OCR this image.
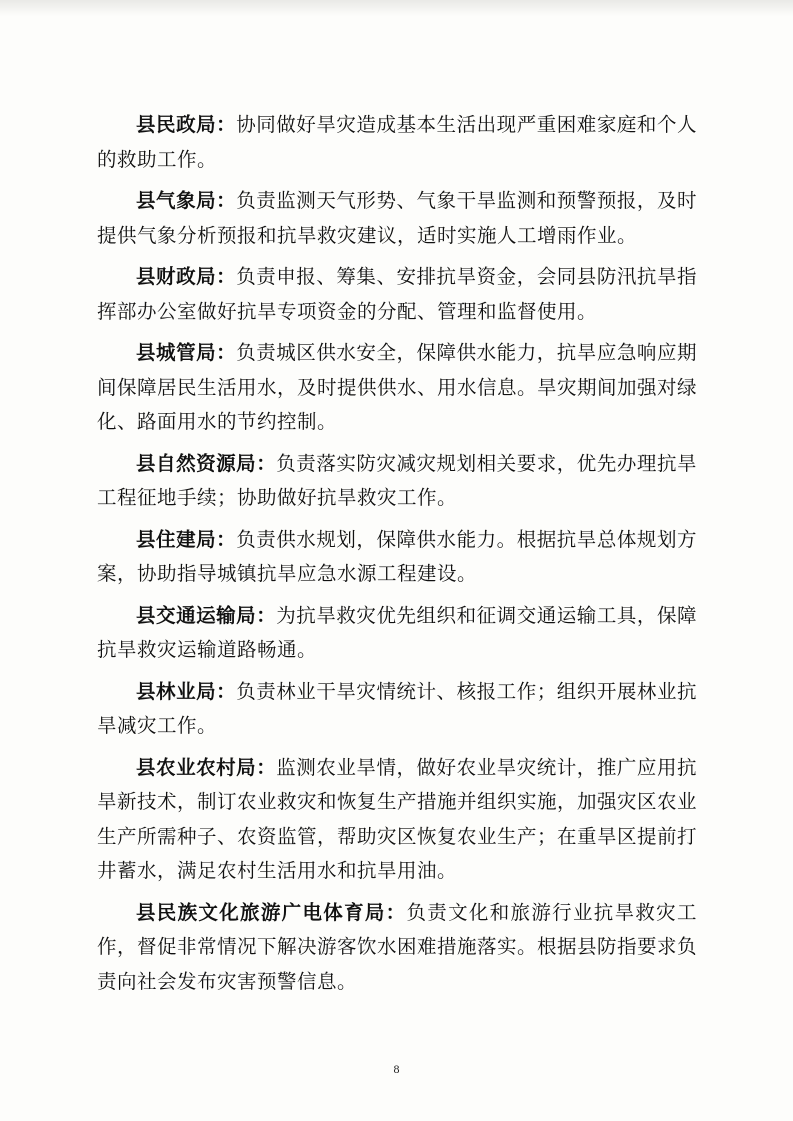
县民政局：协同做好旱灾造成基本生活出现严重困难家庭和个人的救助工作。

县气象局：负责监测天气形势、气象干旱监测和预警预报，及时提供气象分析预报和抗旱救灾建议，适时实施人工增雨作业。

县财政局：负责申报、筹集、安排抗旱资金，会同县防汛抗旱指挥部办公室做好抗旱专项资金的分配、管理和监督使用。

县城管局：负责城区供水安全，保障供水能力，抗旱应急响应期间保障居民生活用水，及时提供供水、用水信息。旱灾期间加强对绿化、路面用水的节约控制。

县自然资源局：负责落实防灾减灾规划相关要求，优先办理抗旱工程征地手续；协助做好抗旱救灾工作。

县住建局：负责供水规划，保障供水能力。根据抗旱总体规划方案，协助指导城镇抗旱应急水源工程建设。

县交通运输局：为抗旱救灾优先组织和征调交通运输工具，保障抗旱救灾运输道路畅通。

县林业局：负责林业干旱灾情统计、核报工作；组织开展林业抗旱减灾工作。

县农业农村局：监测农业旱情，做好农业旱灾统计，推广应用抗旱新技术，制订农业救灾和恢复生产措施并组织实施，加强灾区农业生产所需种子、农资监管，帮助灾区恢复农业生产；在重旱区提前打井蓄水，满足农村生活用水和抗旱用油。

县民族文化旅游广电体育局：负责文化和旅游行业抗旱救灾工作，督促非常情况下解决游客饮水困难措施落实。根据县防指要求负责向社会发布灾害预警信息。

8
